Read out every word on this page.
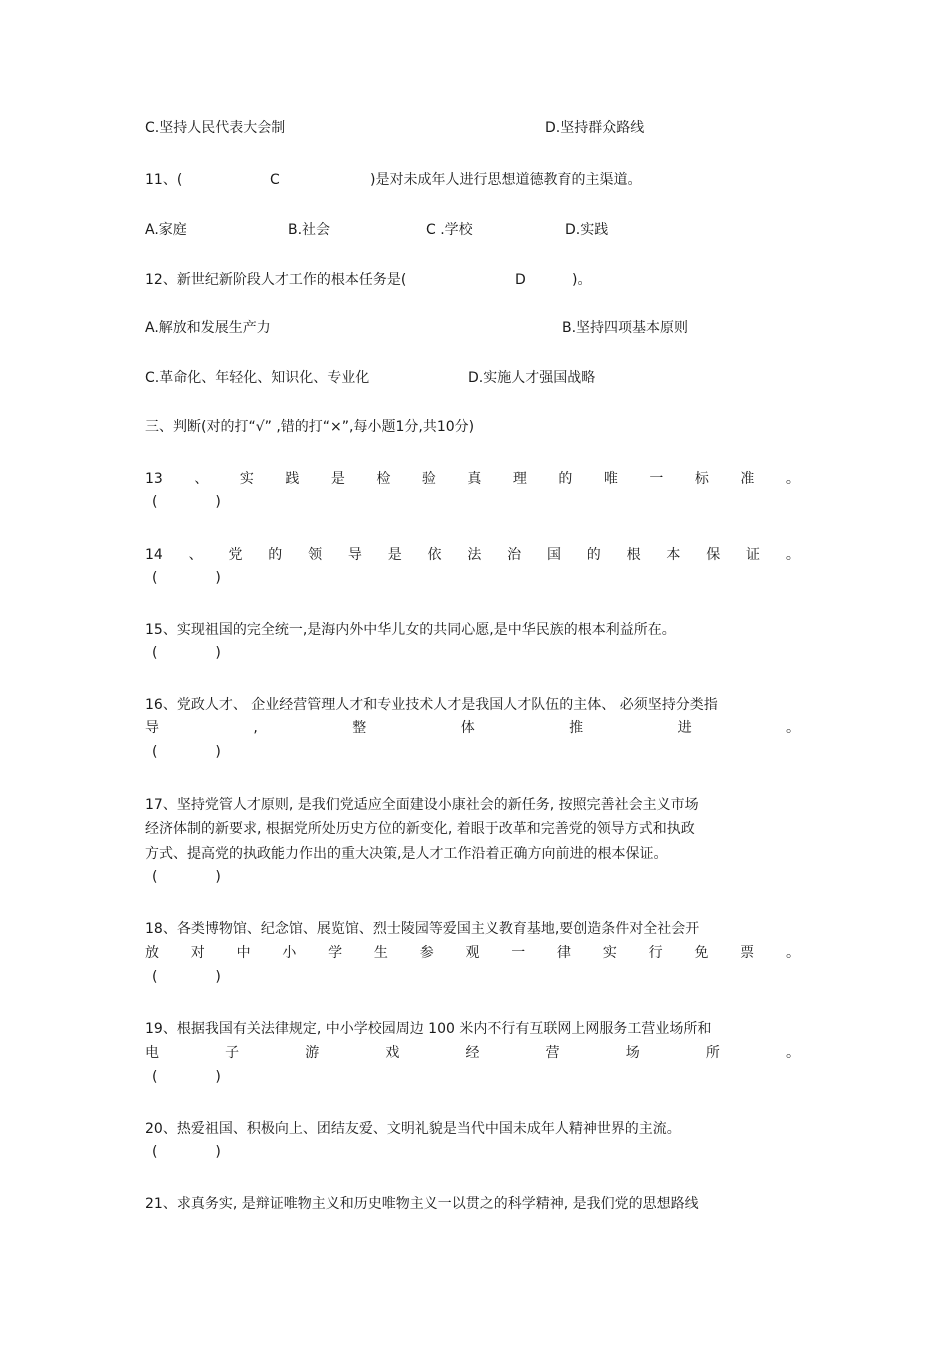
C.坚持人民代表大会制	D.坚持群众路线
11、(	C	)是对未成年人进行思想道德教育的主渠道。
A.家庭	B.社会	C .学校	D.实践
12、新世纪新阶段人才工作的根本任务是(	D	)。
A.解放和发展生产力	B.坚持四项基本原则
C.革命化、年轻化、知识化、专业化	D.实施人才强国战略
三、判断(对的打“√” ,错的打“×”,每小题1分,共10分)
13 、 实 践 是 检 验 真 理 的 唯 一 标 准 。
(             )
14 、 党 的 领 导 是 依 法 治 国 的 根 本 保 证 。
(             )
15、实现祖国的完全统一,是海内外中华儿女的共同心愿,是中华民族的根本利益所在。
(             )
16、党政人才、 企业经营管理人才和专业技术人才是我国人才队伍的主体、 必须坚持分类指
导	,	整	体	推	进	。
(             )
17、坚持党管人才原则, 是我们党适应全面建设小康社会的新任务, 按照完善社会主义市场
经济体制的新要求, 根据党所处历史方位的新变化, 着眼于改革和完善党的领导方式和执政
方式、提高党的执政能力作出的重大决策,是人才工作沿着正确方向前进的根本保证。
(             )
18、各类博物馆、纪念馆、展览馆、烈士陵园等爱国主义教育基地,要创造条件对全社会开
放 对 中 小 学 生 参 观 一 律 实 行 免 票 。
(             )
19、根据我国有关法律规定, 中小学校园周边 100 米内不行有互联网上网服务工营业场所和
电	子	游	戏	经	营	场	所	。
(             )
20、热爱祖国、积极向上、团结友爱、文明礼貌是当代中国未成年人精神世界的主流。
(             )
21、求真务实, 是辩证唯物主义和历史唯物主义一以贯之的科学精神, 是我们党的思想路线
